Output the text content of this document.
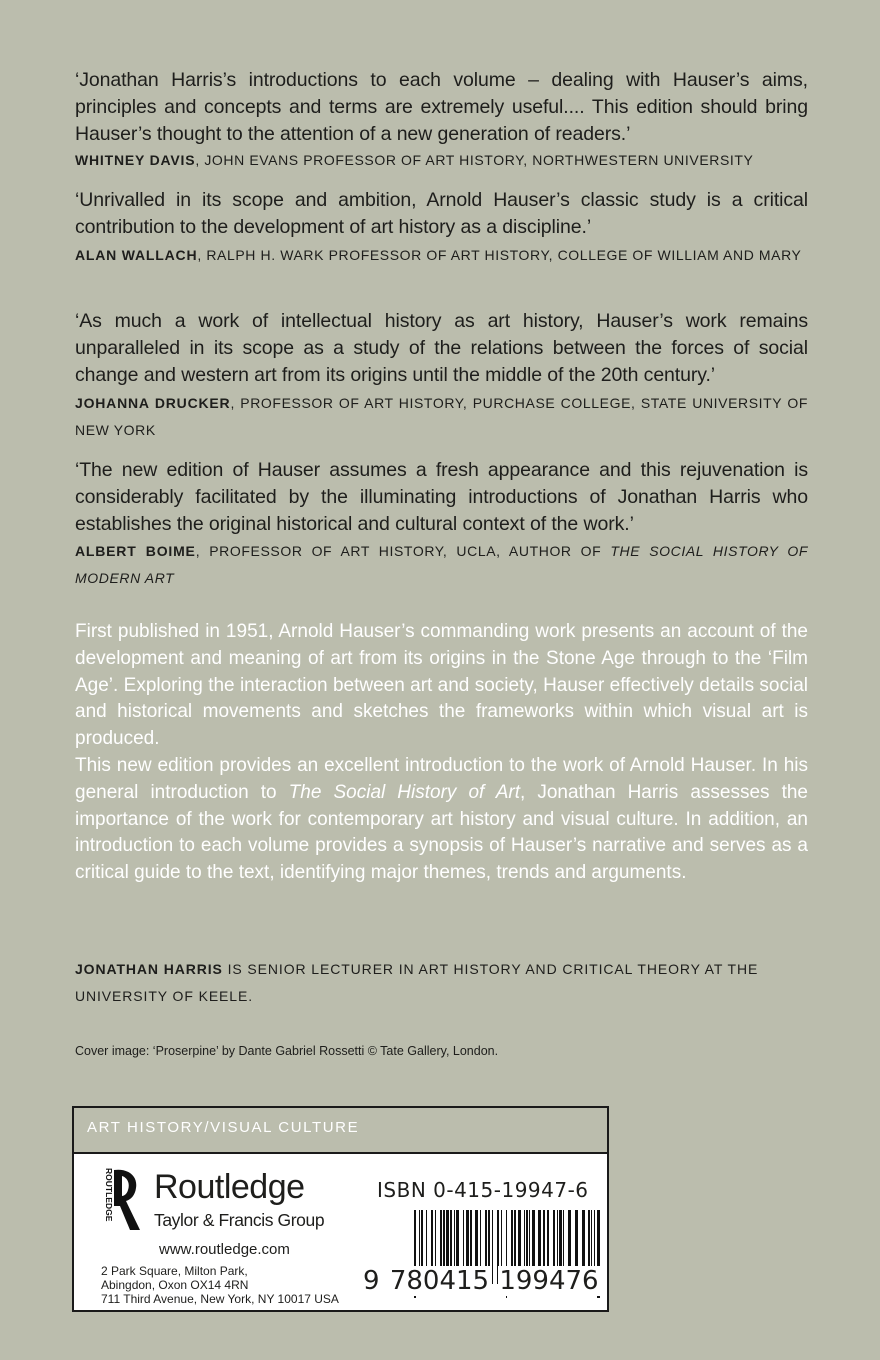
‘Jonathan Harris’s introductions to each volume – dealing with Hauser’s aims, principles and concepts and terms are extremely useful.... This edition should bring Hauser’s thought to the attention of a new generation of readers.’
WHITNEY DAVIS, JOHN EVANS PROFESSOR OF ART HISTORY, NORTHWESTERN UNIVERSITY
‘Unrivalled in its scope and ambition, Arnold Hauser’s classic study is a critical contribution to the development of art history as a discipline.’
ALAN WALLACH, RALPH H. WARK PROFESSOR OF ART HISTORY, COLLEGE OF WILLIAM AND MARY
‘As much a work of intellectual history as art history, Hauser’s work remains unparalleled in its scope as a study of the relations between the forces of social change and western art from its origins until the middle of the 20th century.’
JOHANNA DRUCKER, PROFESSOR OF ART HISTORY, PURCHASE COLLEGE, STATE UNIVERSITY OF NEW YORK
‘The new edition of Hauser assumes a fresh appearance and this rejuvenation is considerably facilitated by the illuminating introductions of Jonathan Harris who establishes the original historical and cultural context of the work.’
ALBERT BOIME, PROFESSOR OF ART HISTORY, UCLA, AUTHOR OF THE SOCIAL HISTORY OF MODERN ART
First published in 1951, Arnold Hauser’s commanding work presents an account of the development and meaning of art from its origins in the Stone Age through to the ‘Film Age’. Exploring the interaction between art and society, Hauser effectively details social and historical movements and sketches the frameworks within which visual art is produced.
This new edition provides an excellent introduction to the work of Arnold Hauser. In his general introduction to The Social History of Art, Jonathan Harris assesses the importance of the work for contemporary art history and visual culture. In addition, an introduction to each volume provides a synopsis of Hauser’s narrative and serves as a critical guide to the text, identifying major themes, trends and arguments.
JONATHAN HARRIS IS SENIOR LECTURER IN ART HISTORY AND CRITICAL THEORY AT THE UNIVERSITY OF KEELE.
Cover image: ‘Proserpine’ by Dante Gabriel Rossetti © Tate Gallery, London.
ART HISTORY/VISUAL CULTURE
ROUTLEDGE Routledge
Taylor & Francis Group
www.routledge.com
2 Park Square, Milton Park,
Abingdon, Oxon OX14 4RN
711 Third Avenue, New York, NY 10017 USA
ISBN 0-415-19947-6
9 780415 199476
